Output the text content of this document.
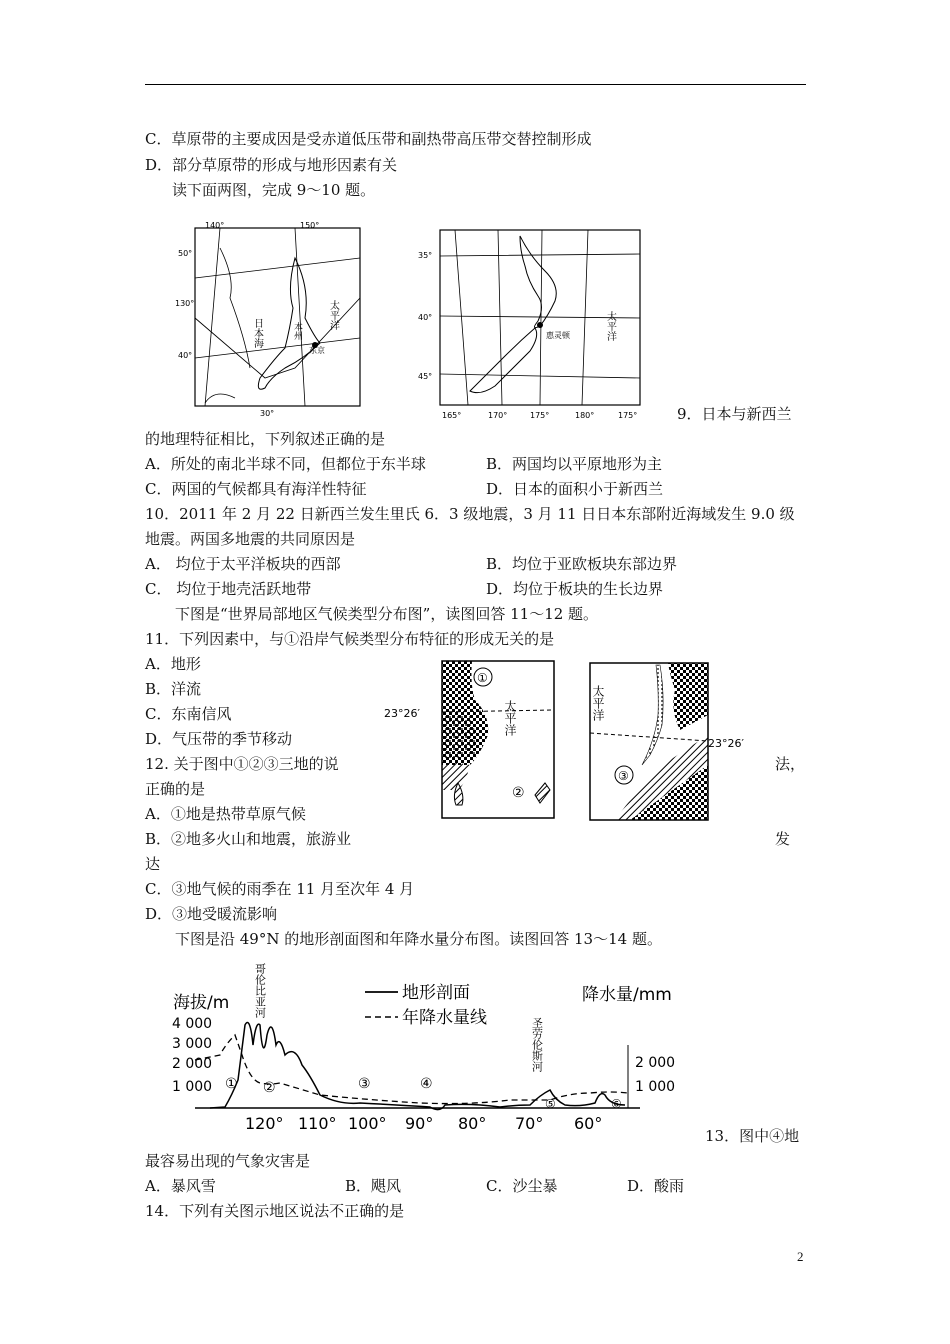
C．草原带的主要成因是受赤道低压带和副热带高压带交替控制形成
D．部分草原带的形成与地形因素有关
读下面两图，完成 9～10 题。
140°	150°
50°
130°
40°
30°
日本海
太平洋
本州
东京
35°
40°
45°
165°	170°	175°	180°	175°
惠灵顿	太平洋
9．日本与新西兰
的地理特征相比，下列叙述正确的是
A．所处的南北半球不同，但都位于东半球	B．两国均以平原地形为主
C．两国的气候都具有海洋性特征	D．日本的面积小于新西兰
10．2011 年 2 月 22 日新西兰发生里氏 6．3 级地震，3 月 11 日日本东部附近海域发生 9.0 级
地震。两国多地震的共同原因是
A． 均位于太平洋板块的西部	B．均位于亚欧板块东部边界
C． 均位于地壳活跃地带	D．均位于板块的生长边界
下图是“世界局部地区气候类型分布图”，读图回答 11～12 题。
11．下列因素中，与①沿岸气候类型分布特征的形成无关的是
A．地形
B．洋流
C．东南信风
D．气压带的季节移动
12. 关于图中①②③三地的说	法，
正确的是
A．①地是热带草原气候
B．②地多火山和地震，旅游业	发
达
C．③地气候的雨季在 11 月至次年 4 月
D．③地受暖流影响
①
太平洋
②
23°26′	太平洋
③
23°26′
下图是沿 49°N 的地形剖面图和年降水量分布图。读图回答 13～14 题。
海拔/m
4 000
3 000
2 000
1 000
降水量/mm
2 000
1 000
地形剖面
年降水量线
哥伦比亚河
圣劳伦斯河
① ②	③	④
⑤	⑥
120° 110° 100° 90° 80° 70° 60°
13．图中④地
最容易出现的气象灾害是
A．暴风雪	B．飓风	C．沙尘暴	D．酸雨
14．下列有关图示地区说法不正确的是
2
